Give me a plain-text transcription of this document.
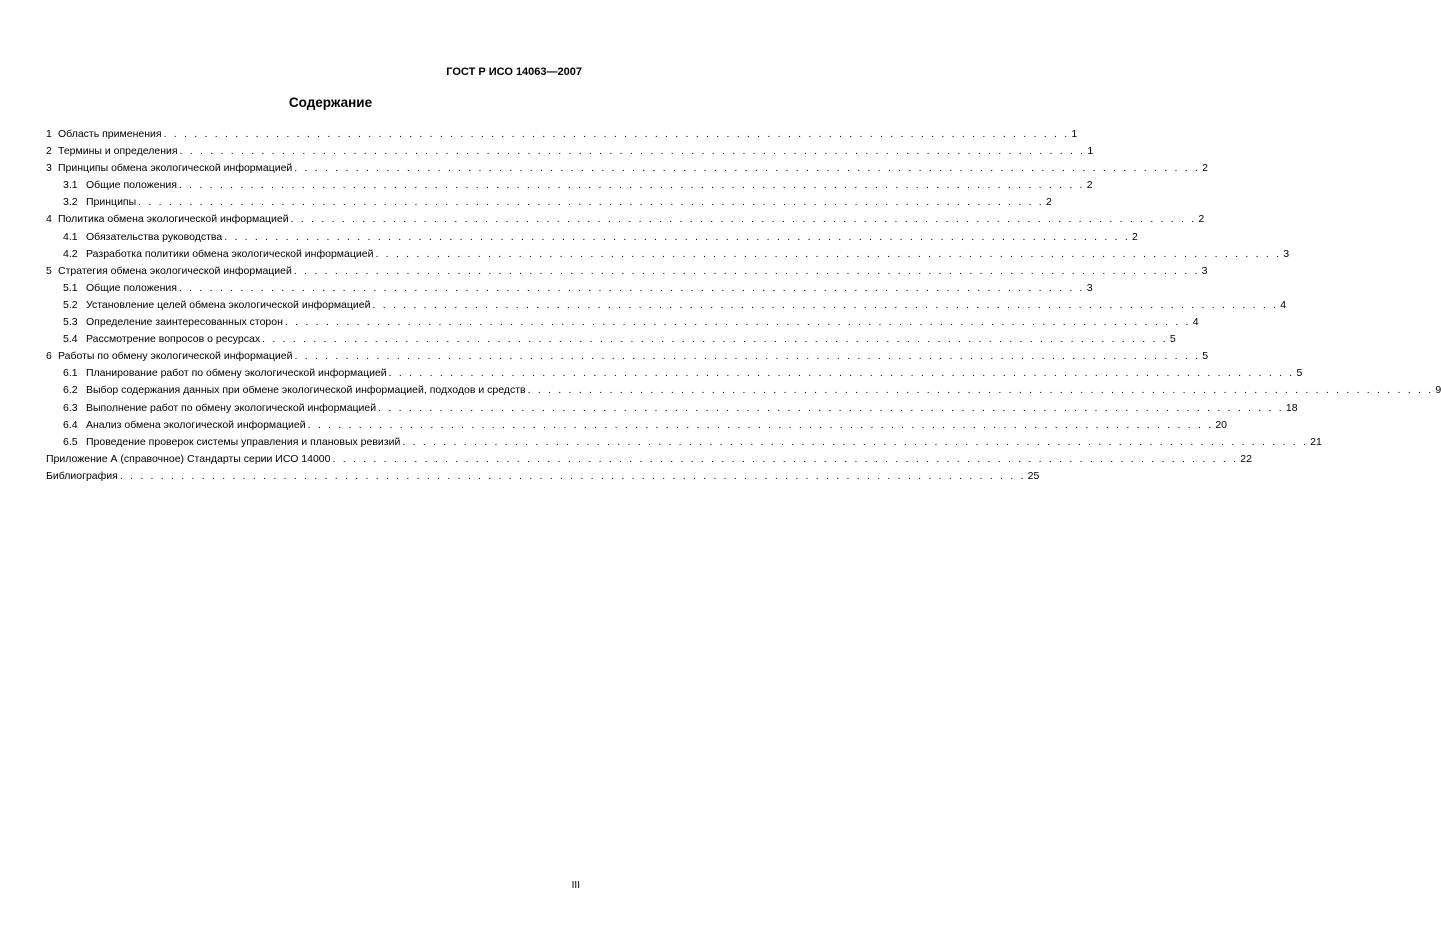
ГОСТ Р ИСО 14063—2007
Содержание
1 Область применения . . . . . . . . . . . . . . . . . . . . . . . . . . . . . . . . . . . . . . . . . . . . . . . . . . . . . . . . . . . . . . . . . . . . . . . . . . . . . . . . . . . . . . . . . 1
2 Термины и определения . . . . . . . . . . . . . . . . . . . . . . . . . . . . . . . . . . . . . . . . . . . . . . . . . . . . . . . . . . . . . . . . . . . . . . . . . . . . . . . . . . . . . . . . . 1
3 Принципы обмена экологической информацией . . . . . . . . . . . . . . . . . . . . . . . . . . . . . . . . . . . . . . . . . . . . . . . . . . . . . . . . . . . . . . . . . . . . . . . . . . . . . . . . . . . . . . . . . 2
3.1 Общие положения . . . . . . . . . . . . . . . . . . . . . . . . . . . . . . . . . . . . . . . . . . . . . . . . . . . . . . . . . . . . . . . . . . . . . . . . . . . . . . . . . . . . . . . . . 2
3.2 Принципы . . . . . . . . . . . . . . . . . . . . . . . . . . . . . . . . . . . . . . . . . . . . . . . . . . . . . . . . . . . . . . . . . . . . . . . . . . . . . . . . . . . . . . . . . 2
4 Политика обмена экологической информацией . . . . . . . . . . . . . . . . . . . . . . . . . . . . . . . . . . . . . . . . . . . . . . . . . . . . . . . . . . . . . . . . . . . . . . . . . . . . . . . . . . . . . . . . . 2
4.1 Обязательства руководства . . . . . . . . . . . . . . . . . . . . . . . . . . . . . . . . . . . . . . . . . . . . . . . . . . . . . . . . . . . . . . . . . . . . . . . . . . . . . . . . . . . . . . . . . 2
4.2 Разработка политики обмена экологической информацией . . . . . . . . . . . . . . . . . . . . . . . . . . . . . . . . . . . . . . . . . . . . . . . . . . . . . . . . . . . . . . . . . . . . . . . . . . . . . . . . . . . . . . . . . 3
5 Стратегия обмена экологической информацией . . . . . . . . . . . . . . . . . . . . . . . . . . . . . . . . . . . . . . . . . . . . . . . . . . . . . . . . . . . . . . . . . . . . . . . . . . . . . . . . . . . . . . . . . 3
5.1 Общие положения . . . . . . . . . . . . . . . . . . . . . . . . . . . . . . . . . . . . . . . . . . . . . . . . . . . . . . . . . . . . . . . . . . . . . . . . . . . . . . . . . . . . . . . . . 3
5.2 Установление целей обмена экологической информацией . . . . . . . . . . . . . . . . . . . . . . . . . . . . . . . . . . . . . . . . . . . . . . . . . . . . . . . . . . . . . . . . . . . . . . . . . . . . . . . . . . . . . . . . . 4
5.3 Определение заинтересованных сторон . . . . . . . . . . . . . . . . . . . . . . . . . . . . . . . . . . . . . . . . . . . . . . . . . . . . . . . . . . . . . . . . . . . . . . . . . . . . . . . . . . . . . . . . . 4
5.4 Рассмотрение вопросов о ресурсах . . . . . . . . . . . . . . . . . . . . . . . . . . . . . . . . . . . . . . . . . . . . . . . . . . . . . . . . . . . . . . . . . . . . . . . . . . . . . . . . . . . . . . . . . 5
6 Работы по обмену экологической информацией . . . . . . . . . . . . . . . . . . . . . . . . . . . . . . . . . . . . . . . . . . . . . . . . . . . . . . . . . . . . . . . . . . . . . . . . . . . . . . . . . . . . . . . . . 5
6.1 Планирование работ по обмену экологической информацией . . . . . . . . . . . . . . . . . . . . . . . . . . . . . . . . . . . . . . . . . . . . . . . . . . . . . . . . . . . . . . . . . . . . . . . . . . . . . . . . . . . . . . . . . 5
6.2 Выбор содержания данных при обмене экологической информацией, подходов и средств . . . . . . . . . . . . . . . . . . . . . . . . . . . . . . . . . . . . . . . . . . . . . . . . . . . . . . . . . . . . . . . . . . . . . . . . . . . . . . . . . . . . . . . . . 9
6.3 Выполнение работ по обмену экологической информацией . . . . . . . . . . . . . . . . . . . . . . . . . . . . . . . . . . . . . . . . . . . . . . . . . . . . . . . . . . . . . . . . . . . . . . . . . . . . . . . . . . . . . . . . . 18
6.4 Анализ обмена экологической информацией . . . . . . . . . . . . . . . . . . . . . . . . . . . . . . . . . . . . . . . . . . . . . . . . . . . . . . . . . . . . . . . . . . . . . . . . . . . . . . . . . . . . . . . . . 20
6.5 Проведение проверок системы управления и плановых ревизий . . . . . . . . . . . . . . . . . . . . . . . . . . . . . . . . . . . . . . . . . . . . . . . . . . . . . . . . . . . . . . . . . . . . . . . . . . . . . . . . . . . . . . . . . 21
Приложение А (справочное) Стандарты серии ИСО 14000 . . . . . . . . . . . . . . . . . . . . . . . . . . . . . . . . . . . . . . . . . . . . . . . . . . . . . . . . . . . . . . . . . . . . . . . . . . . . . . . . . . . . . . . . . 22
Библиография . . . . . . . . . . . . . . . . . . . . . . . . . . . . . . . . . . . . . . . . . . . . . . . . . . . . . . . . . . . . . . . . . . . . . . . . . . . . . . . . . . . . . . . . . 25
III
